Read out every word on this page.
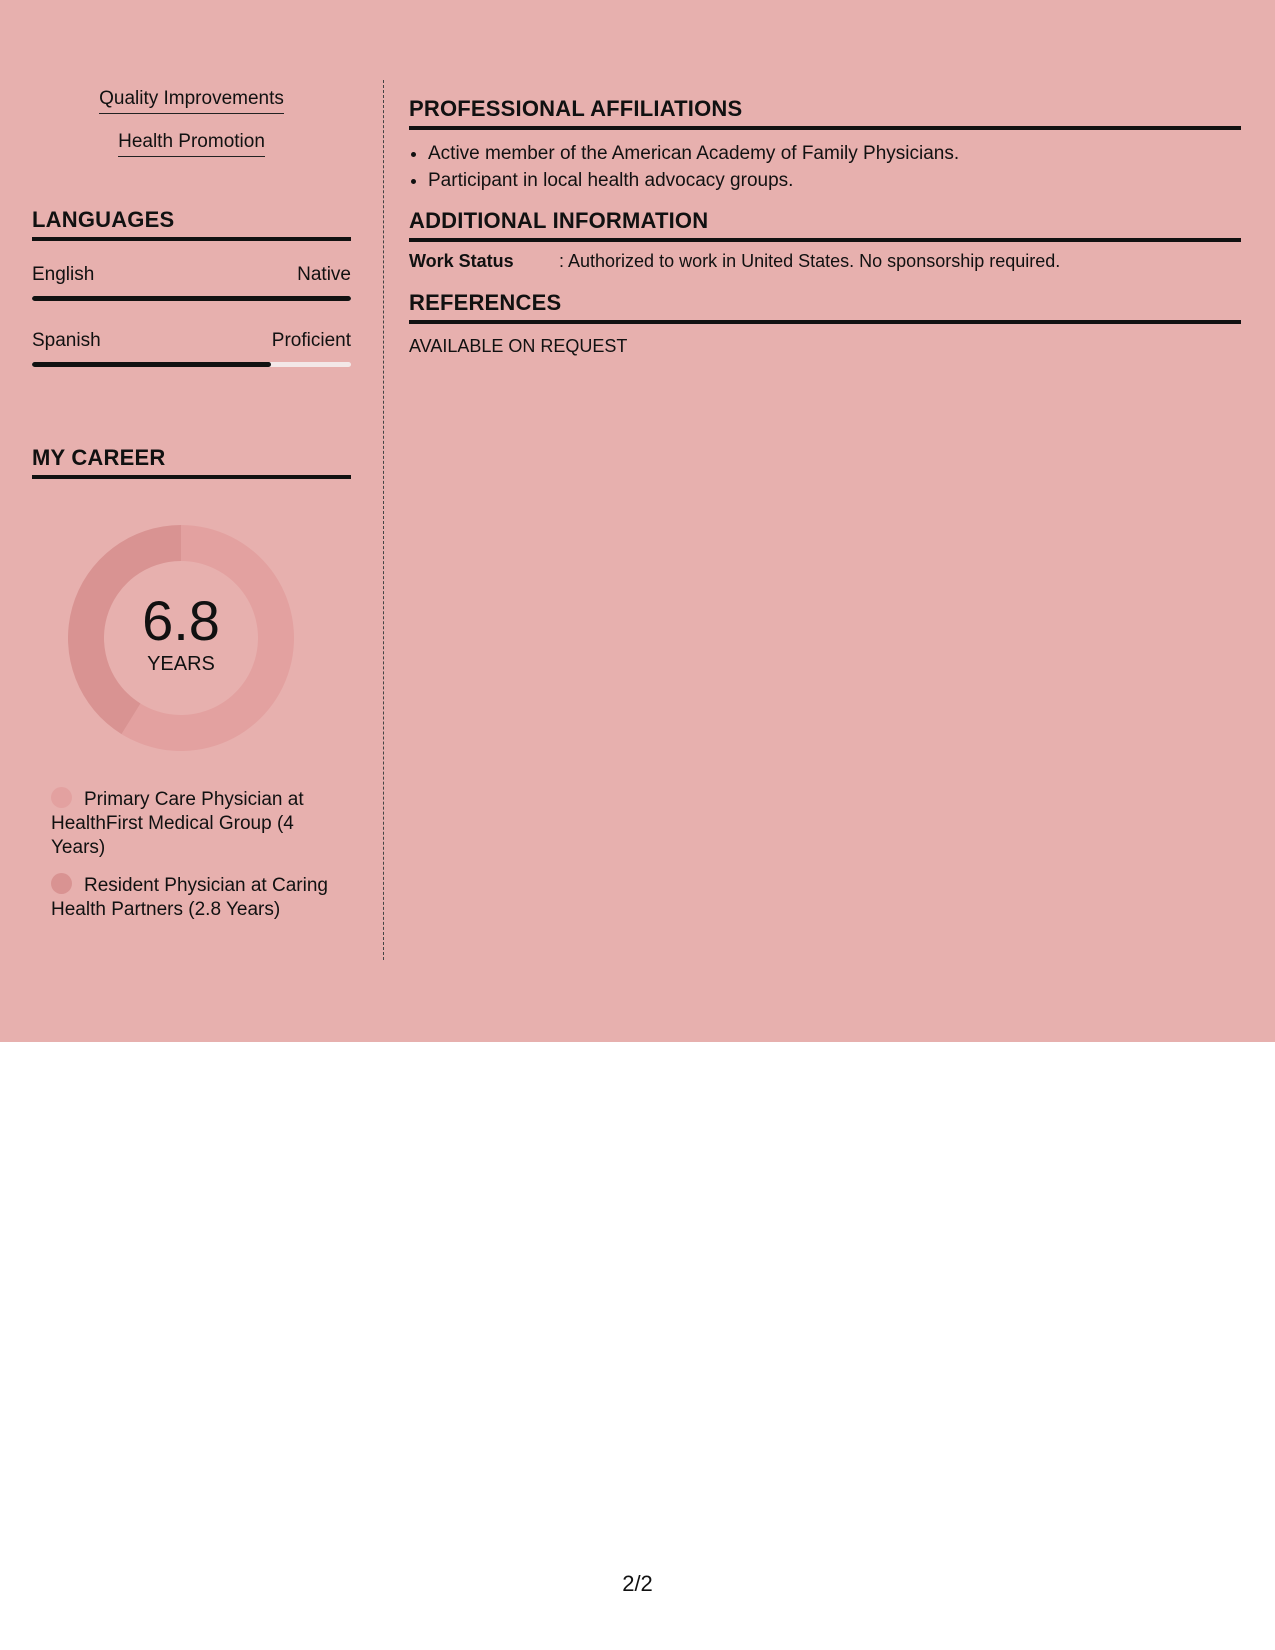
Quality Improvements

Health Promotion

LANGUAGES
English	Native
Spanish	Proficient
MY CAREER
6.8
YEARS
Primary Care Physician at HealthFirst Medical Group (4 Years)
Resident Physician at Caring Health Partners (2.8 Years)
PROFESSIONAL AFFILIATIONS
• Active member of the American Academy of Family Physicians.
• Participant in local health advocacy groups.
ADDITIONAL INFORMATION
Work Status	: Authorized to work in United States. No sponsorship required.
REFERENCES
AVAILABLE ON REQUEST
2/2
